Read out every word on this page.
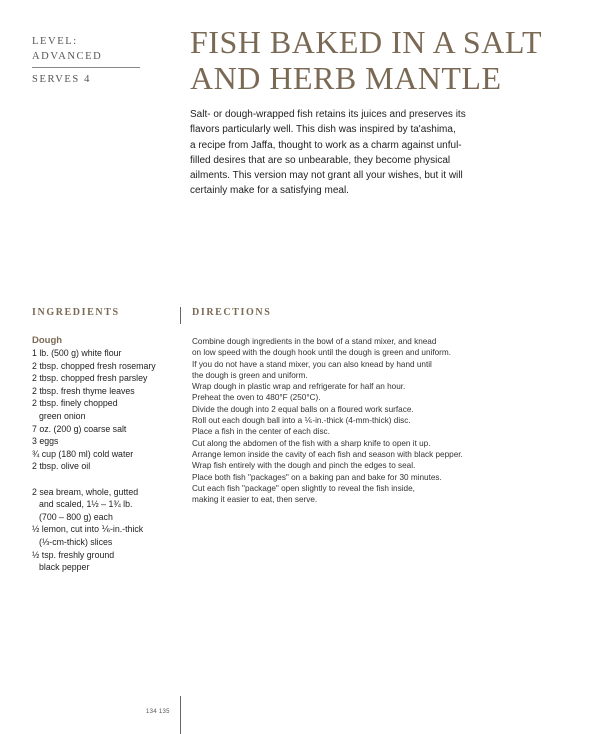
LEVEL: ADVANCED
SERVES 4
FISH BAKED IN A SALT AND HERB MANTLE
Salt- or dough-wrapped fish retains its juices and preserves its
flavors particularly well. This dish was inspired by ta'ashima,
a recipe from Jaffa, thought to work as a charm against unful-
filled desires that are so unbearable, they become physical
ailments. This version may not grant all your wishes, but it will
certainly make for a satisfying meal.
INGREDIENTS	DIRECTIONS
Dough
1 lb. (500 g) white flour
2 tbsp. chopped fresh rosemary
2 tbsp. chopped fresh parsley
2 tbsp. fresh thyme leaves
2 tbsp. finely chopped
green onion
7 oz. (200 g) coarse salt
3 eggs
¾ cup (180 ml) cold water
2 tbsp. olive oil
2 sea bream, whole, gutted
and scaled, 1½ – 1¾ lb.
(700 – 800 g) each
½ lemon, cut into ⅙-in.-thick
(⅓-cm-thick) slices
½ tsp. freshly ground
black pepper
Combine dough ingredients in the bowl of a stand mixer, and knead
on low speed with the dough hook until the dough is green and uniform.
If you do not have a stand mixer, you can also knead by hand until
the dough is green and uniform.
Wrap dough in plastic wrap and refrigerate for half an hour.
Preheat the oven to 480°F (250°C).
Divide the dough into 2 equal balls on a floured work surface.
Roll out each dough ball into a ⅙-in.-thick (4-mm-thick) disc.
Place a fish in the center of each disc.
Cut along the abdomen of the fish with a sharp knife to open it up.
Arrange lemon inside the cavity of each fish and season with black pepper.
Wrap fish entirely with the dough and pinch the edges to seal.
Place both fish "packages" on a baking pan and bake for 30 minutes.
Cut each fish "package" open slightly to reveal the fish inside,
making it easier to eat, then serve.
134 135
